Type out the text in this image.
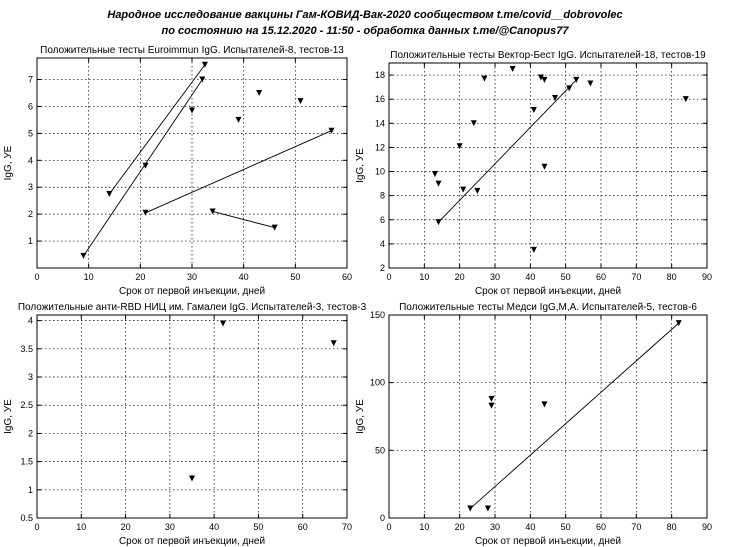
Народное исследование вакцины Гам-КОВИД-Вак-2020 сообществом t.me/covid__dobrovolec
по состоянию на 15.12.2020 - 11:50 - обработка данных t.me/@Canopus77
0	10	20	30	40	50	60
1
2
3
4
5
6
7
Положительные тесты Euroimmun IgG. Испытателей-8, тестов-13
Срок от первой инъекции, дней
IgG, УЕ
0	10	20	30	40	50	60	70	80	90
2
4
6
8
10
12
14
16
18
Положительные тесты Вектор-Бест IgG. Испытателей-18, тестов-19
Срок от первой инъекции, дней
IgG, УЕ
0	10	20	30	40	50	60	70
0.5
1
1.5
2
2.5
3
3.5
4
Положительные анти-RBD НИЦ им. Гамалеи IgG. Испытателей-3, тестов-3
Срок от первой инъекции, дней
IgG, УЕ
0	10	20	30	40	50	60	70	80	90
0
50
100
150
Положительные тесты Медси IgG,M,A. Испытателей-5, тестов-6
Срок от первой инъекции, дней
IgG, УЕ
